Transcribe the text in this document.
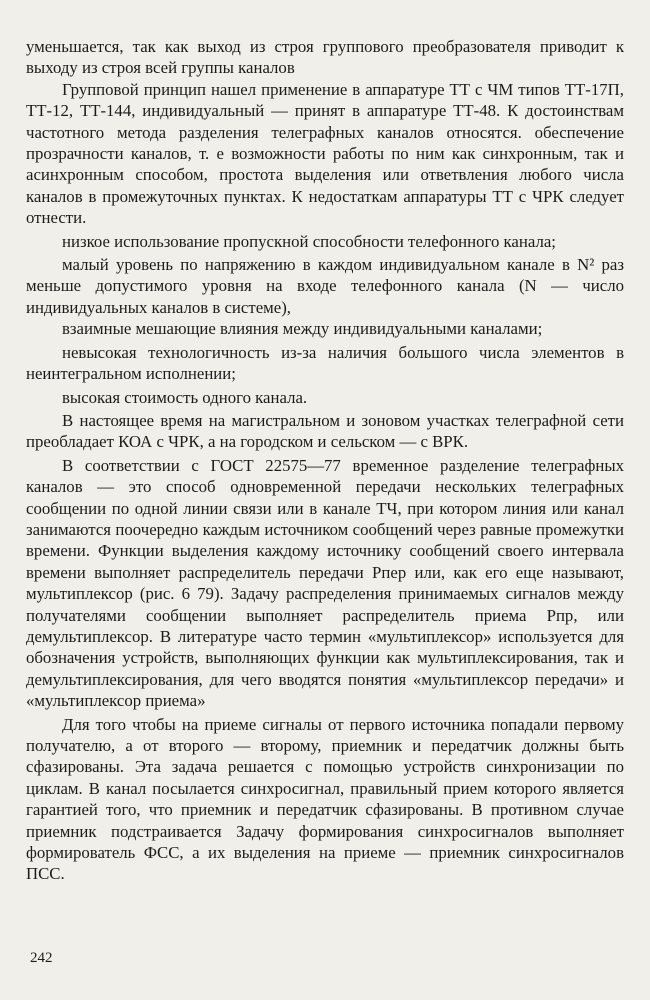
уменьшается, так как выход из строя группового преобразователя приводит к выходу из строя всей группы каналов

Групповой принцип нашел применение в аппаратуре ТТ с ЧМ типов ТТ-17П, ТТ-12, ТТ-144, индивидуальный — принят в аппаратуре ТТ-48. К достоинствам частотного метода разделения телеграфных каналов относятся. обеспечение прозрачности каналов, т. е возможности работы по ним как синхронным, так и асинхронным способом, простота выделения или ответвления любого числа каналов в промежуточных пунктах. К недостаткам аппаратуры ТТ с ЧРК следует отнести.

низкое использование пропускной способности телефонного канала;

малый уровень по напряжению в каждом индивидуальном канале в N² раз меньше допустимого уровня на входе телефонного канала (N — число индивидуальных каналов в системе),

взаимные мешающие влияния между индивидуальными каналами;

невысокая технологичность из-за наличия большого числа элементов в неинтегральном исполнении;

высокая стоимость одного канала.

В настоящее время на магистральном и зоновом участках телеграфной сети преобладает КОА с ЧРК, а на городском и сельском — с ВРК.

В соответствии с ГОСТ 22575—77 временное разделение телеграфных каналов — это способ одновременной передачи нескольких телеграфных сообщении по одной линии связи или в канале ТЧ, при котором линия или канал занимаются поочередно каждым источником сообщений через равные промежутки времени. Функции выделения каждому источнику сообщений своего интервала времени выполняет распределитель передачи Рпер или, как его еще называют, мультиплексор (рис. 6 79). Задачу распределения принимаемых сигналов между получателями сообщении выполняет распределитель приема Рпр, или демультиплексор. В литературе часто термин «мультиплексор» используется для обозначения устройств, выполняющих функции как мультиплексирования, так и демультиплексирования, для чего вводятся понятия «мультиплексор передачи» и «мультиплексор приема»

Для того чтобы на приеме сигналы от первого источника попадали первому получателю, а от второго — второму, приемник и передатчик должны быть сфазированы. Эта задача решается с помощью устройств синхронизации по циклам. В канал посылается синхросигнал, правильный прием которого является гарантией того, что приемник и передатчик сфазированы. В противном случае приемник подстраивается Задачу формирования синхросигналов выполняет формирователь ФСС, а их выделения на приеме — приемник синхросигналов ПСС.

242
